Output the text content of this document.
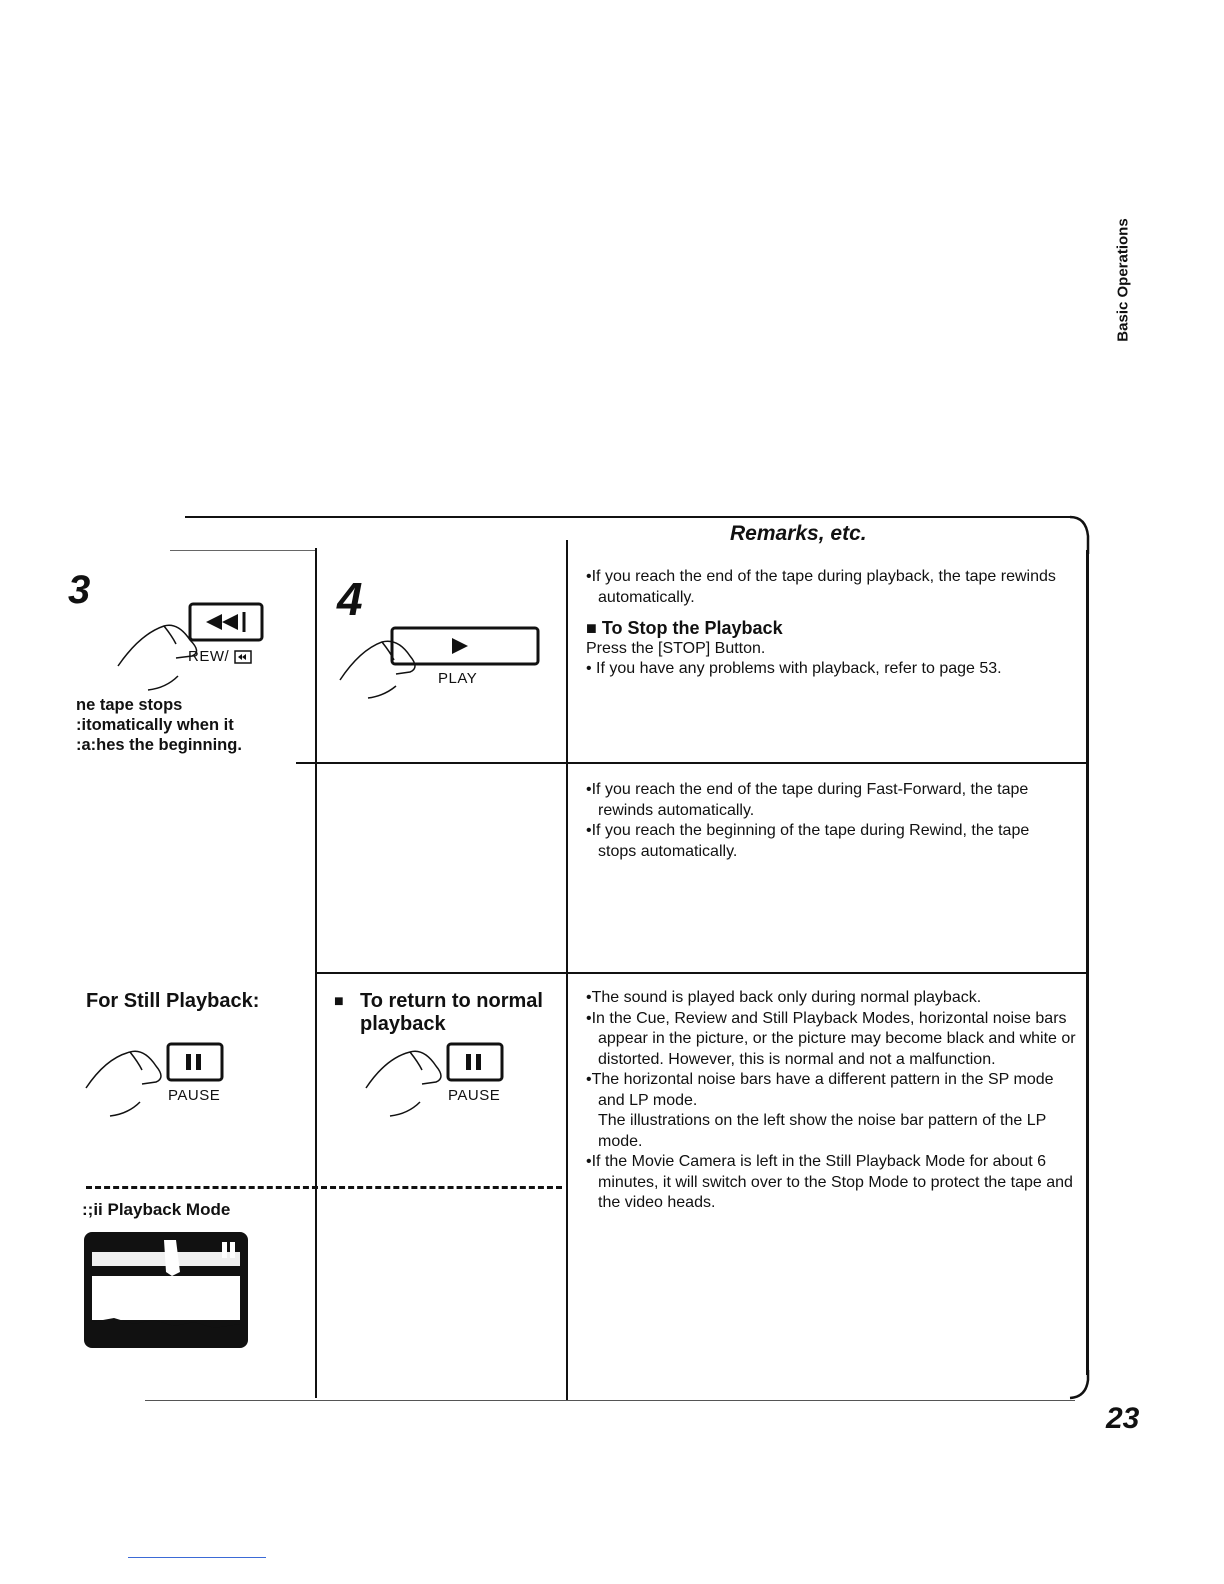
Basic Operations
Remarks, etc.
3
REW/
ne tape stops
:itomatically when it
:a:hes the beginning.
4
PLAY

•If you reach the end of the tape during playback, the tape rewinds automatically.

■ To Stop the Playback

Press the [STOP] Button.

• If you have any problems with playback, refer to page 53.

•If you reach the end of the tape during Fast-Forward, the tape rewinds automatically.

•If you reach the beginning of the tape during Rewind, the tape stops automatically.

For Still Playback:
PAUSE
■ To return to normal
playback
PAUSE
:;ii Playback Mode

•The sound is played back only during normal playback.

•In the Cue, Review and Still Playback Modes, horizontal noise bars appear in the picture, or the picture may become black and white or distorted. However, this is normal and not a malfunction.

•The horizontal noise bars have a different pattern in the SP mode and LP mode.

The illustrations on the left show the noise bar pattern of the LP mode.

•If the Movie Camera is left in the Still Playback Mode for about 6 minutes, it will switch over to the Stop Mode to protect the tape and the video heads.

23
